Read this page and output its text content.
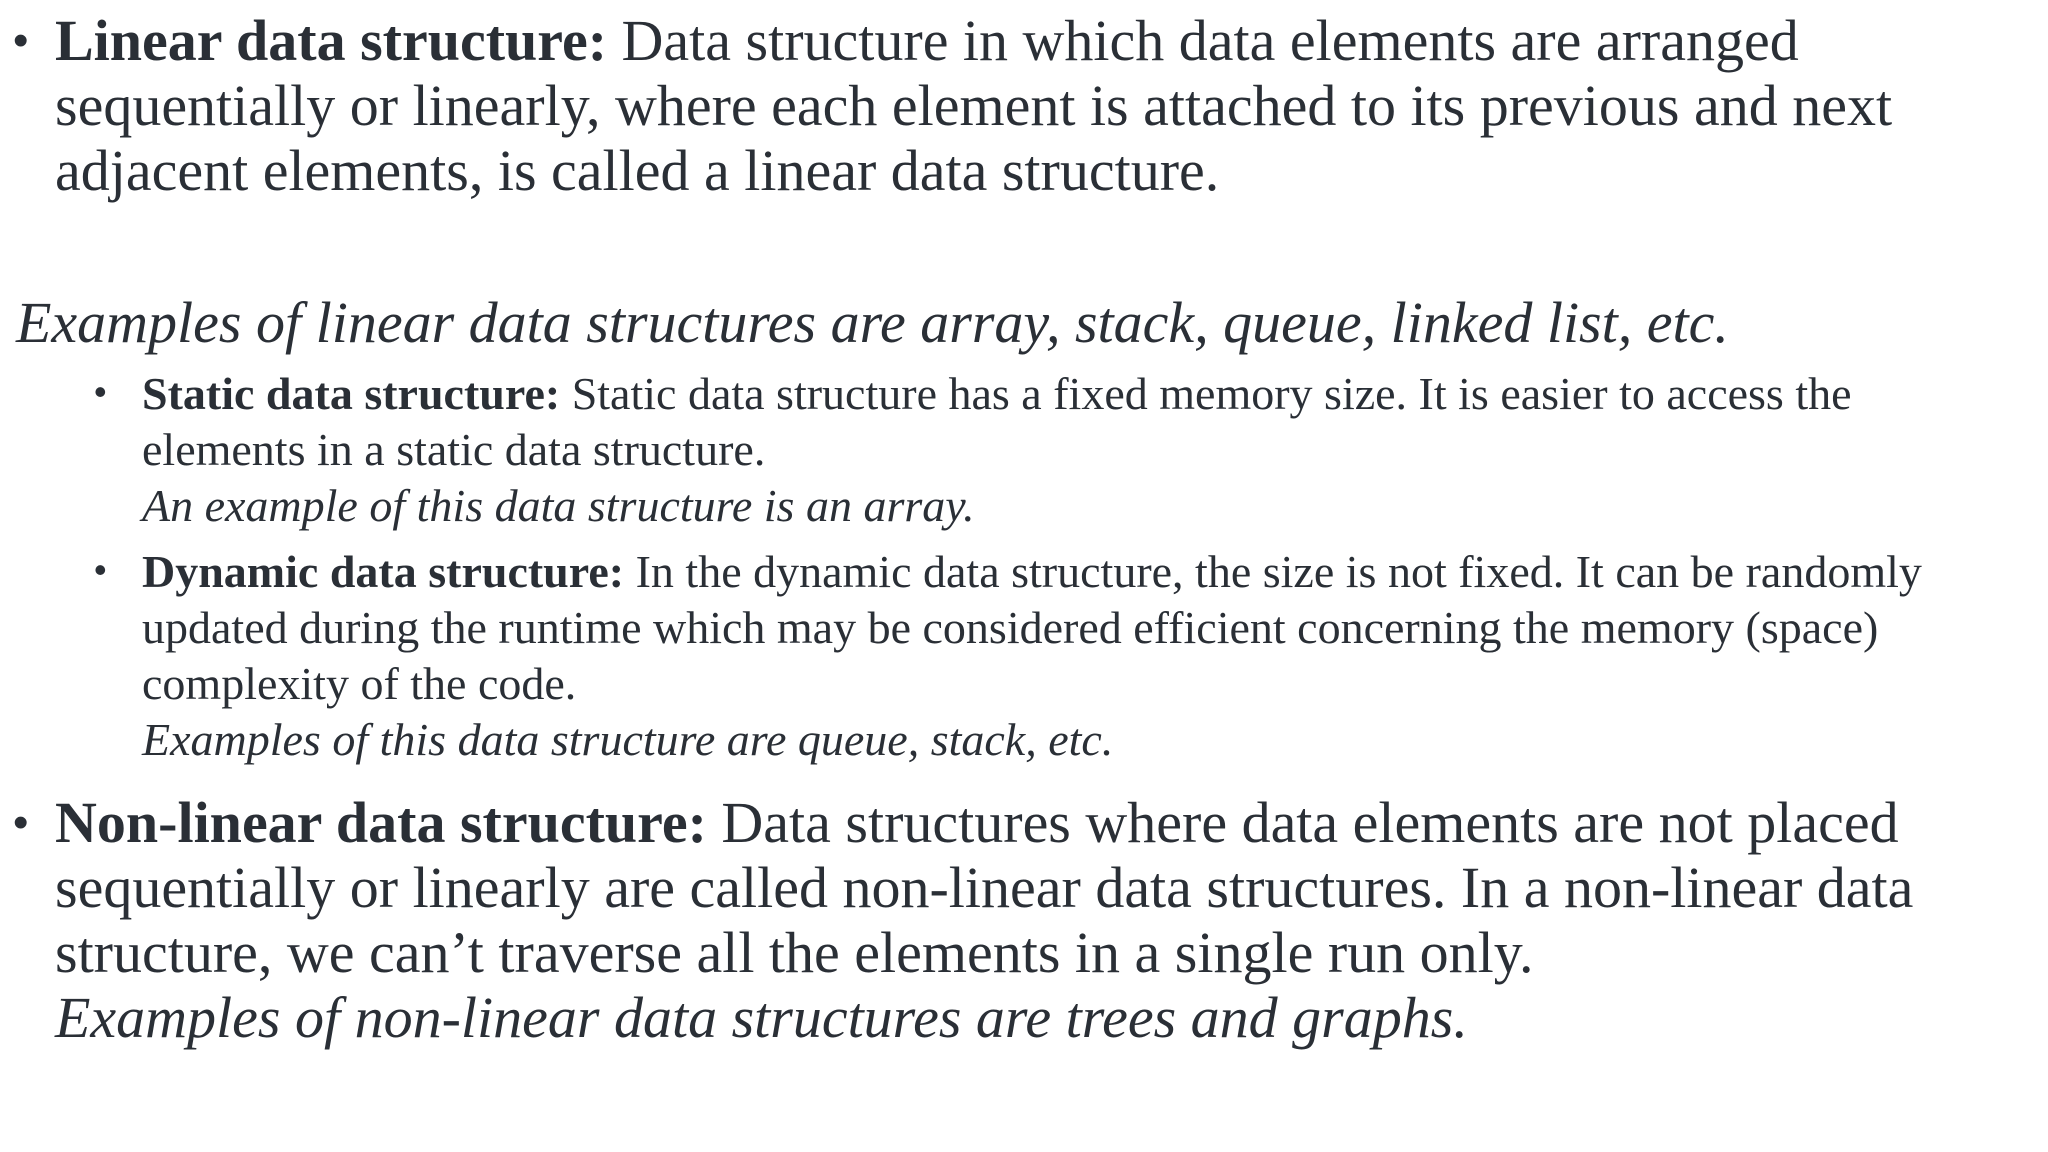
• Linear data structure: Data structure in which data elements are arranged sequentially or linearly, where each element is attached to its previous and next adjacent elements, is called a linear data structure.
Examples of linear data structures are array, stack, queue, linked list, etc.
• Static data structure: Static data structure has a fixed memory size. It is easier to access the elements in a static data structure.
An example of this data structure is an array.
• Dynamic data structure: In the dynamic data structure, the size is not fixed. It can be randomly updated during the runtime which may be considered efficient concerning the memory (space) complexity of the code.
Examples of this data structure are queue, stack, etc.
• Non-linear data structure: Data structures where data elements are not placed sequentially or linearly are called non-linear data structures. In a non-linear data structure, we can’t traverse all the elements in a single run only.
Examples of non-linear data structures are trees and graphs.
